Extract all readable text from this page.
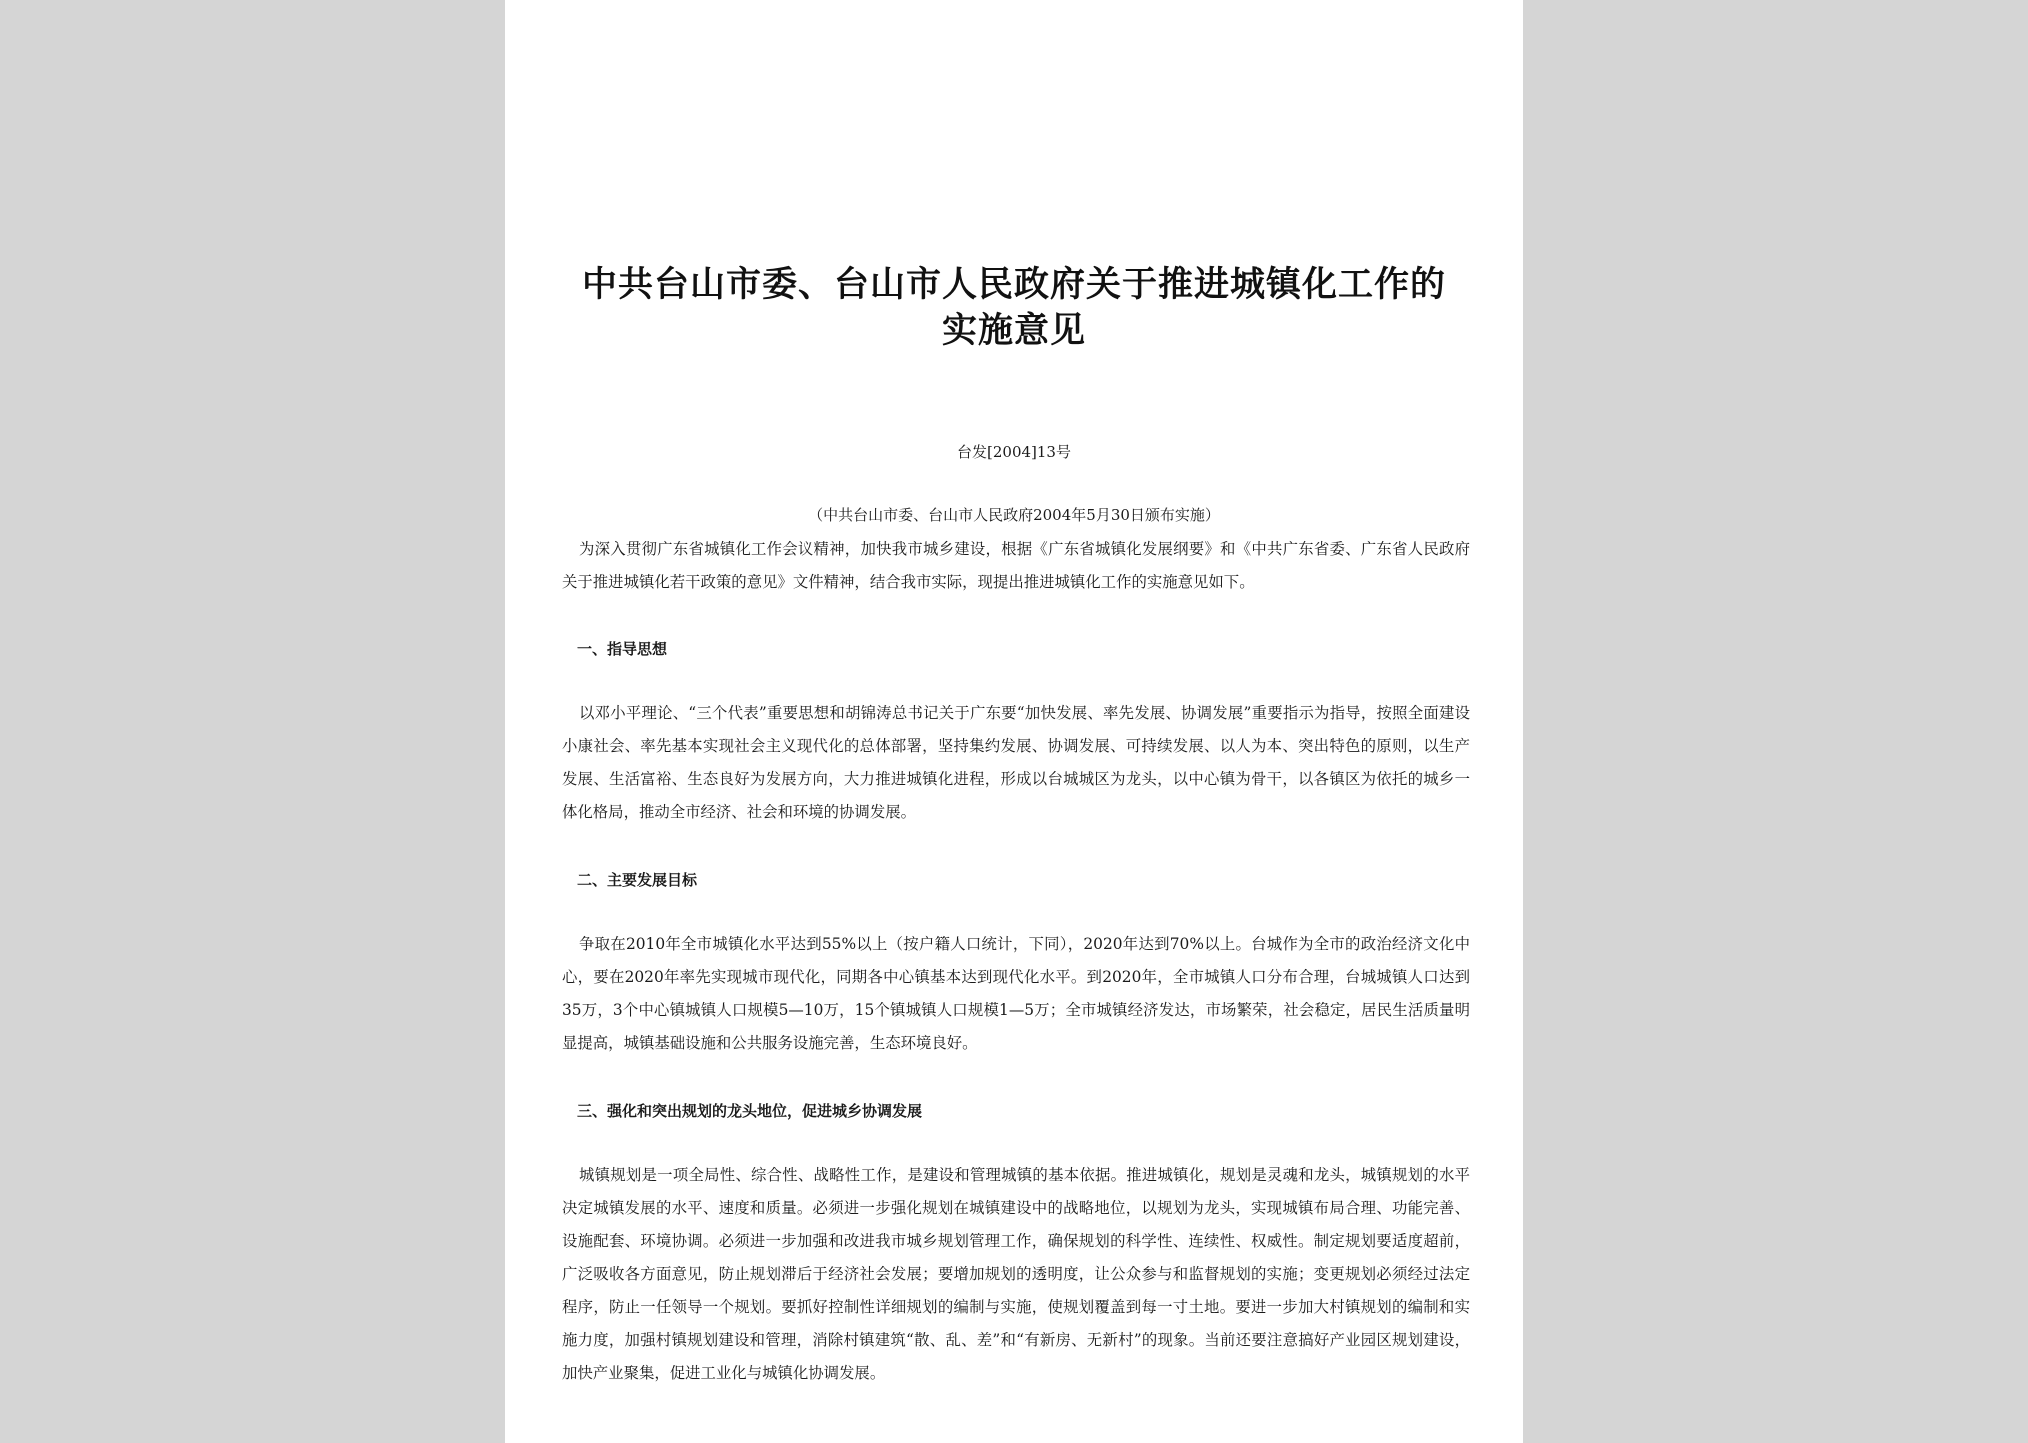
中共台山市委、台山市人民政府关于推进城镇化工作的
实施意见
台发[2004]13号
（中共台山市委、台山市人民政府2004年5月30日颁布实施）

为深入贯彻广东省城镇化工作会议精神，加快我市城乡建设，根据《广东省城镇化发展纲要》和《中共广东省委、广东省人民政府关于推进城镇化若干政策的意见》文件精神，结合我市实际，现提出推进城镇化工作的实施意见如下。

一、指导思想

以邓小平理论、“三个代表”重要思想和胡锦涛总书记关于广东要“加快发展、率先发展、协调发展”重要指示为指导，按照全面建设小康社会、率先基本实现社会主义现代化的总体部署，坚持集约发展、协调发展、可持续发展、以人为本、突出特色的原则，以生产发展、生活富裕、生态良好为发展方向，大力推进城镇化进程，形成以台城城区为龙头，以中心镇为骨干，以各镇区为依托的城乡一体化格局，推动全市经济、社会和环境的协调发展。

二、主要发展目标

争取在2010年全市城镇化水平达到55%以上（按户籍人口统计，下同），2020年达到70%以上。台城作为全市的政治经济文化中心，要在2020年率先实现城市现代化，同期各中心镇基本达到现代化水平。到2020年，全市城镇人口分布合理，台城城镇人口达到35万，3个中心镇城镇人口规模5—10万，15个镇城镇人口规模1—5万；全市城镇经济发达，市场繁荣，社会稳定，居民生活质量明显提高，城镇基础设施和公共服务设施完善，生态环境良好。

三、强化和突出规划的龙头地位，促进城乡协调发展

城镇规划是一项全局性、综合性、战略性工作，是建设和管理城镇的基本依据。推进城镇化，规划是灵魂和龙头，城镇规划的水平决定城镇发展的水平、速度和质量。必须进一步强化规划在城镇建设中的战略地位，以规划为龙头，实现城镇布局合理、功能完善、设施配套、环境协调。必须进一步加强和改进我市城乡规划管理工作，确保规划的科学性、连续性、权威性。制定规划要适度超前，广泛吸收各方面意见，防止规划滞后于经济社会发展；要增加规划的透明度，让公众参与和监督规划的实施；变更规划必须经过法定程序，防止一任领导一个规划。要抓好控制性详细规划的编制与实施，使规划覆盖到每一寸土地。要进一步加大村镇规划的编制和实施力度，加强村镇规划建设和管理，消除村镇建筑“散、乱、差”和“有新房、无新村”的现象。当前还要注意搞好产业园区规划建设，加快产业聚集，促进工业化与城镇化协调发展。
